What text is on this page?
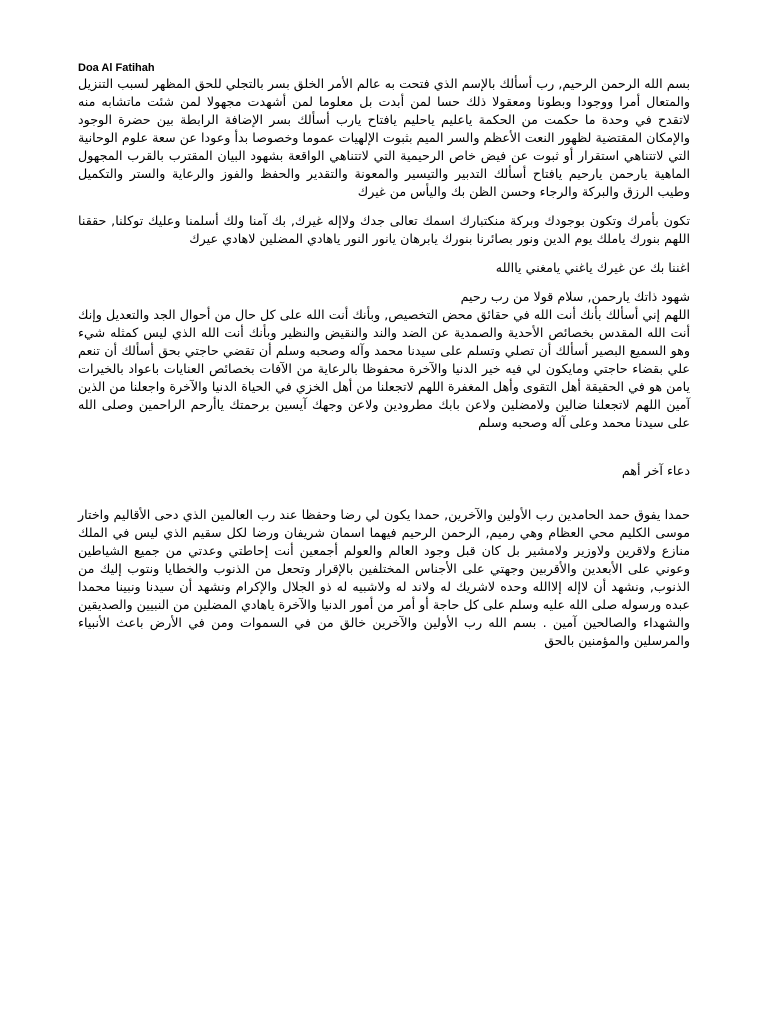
Doa Al Fatihah

بسم الله الرحمن الرحيم, رب أسألك بالإسم الذي فتحت به عالم الأمر الخلق بسر بالتجلي للحق المظهر لسبب التنزيل والمتعال أمرا ووجودا وبطونا ومعقولا ذلك حسا لمن أبدت بل معلوما لمن أشهدت مجهولا لمن شئت ماتشابه منه لاتقدح في وحدة ما حكمت من الحكمة ياعليم ياحليم يافتاح يارب أسألك بسر الإضافة الرابطة بين حضرة الوجود والإمكان المقتضية لظهور النعت الأعظم والسر الميم بثبوت الإلهيات عموما وخصوصا بدأ وعودا عن سعة علوم الوحانية التي لاتتناهي استقرار أو ثبوت عن فيض خاص الرحيمية التي لاتتناهي الواقعة بشهود البيان المقترب بالقرب المجهول الماهية يارحمن يارحيم يافتاح أسألك التدبير والتيسير والمعونة والتقدير والحفظ والفوز والرعاية والستر والتكميل وطيب الرزق والبركة والرجاء وحسن الظن بك واليأس من غيرك

تكون بأمرك وتكون بوجودك وبركة منكتبارك اسمك تعالى جدك ولاإله غيرك, بك آمنا ولك أسلمنا وعليك توكلنا, حققنا اللهم بنورك ياملك يوم الدين ونور بصائرنا بنورك يابرهان يانور النور ياهادي المضلين لاهادي عيرك

اغننا بك عن غيرك ياغني يامغني ياالله

شهود ذاتك يارحمن, سلام قولا من رب رحيم

اللهم إني أسألك بأنك أنت الله في حقائق محض التخصيص, وبأنك أنت الله على كل حال من أحوال الجد والتعديل وإنك أنت الله المقدس بخصائص الأحدية والصمدية عن الضد والند والنقيض والنظير وبأنك أنت الله الذي ليس كمثله شيء وهو السميع البصير أسألك أن تصلي وتسلم على سيدنا محمد وآله وصحبه وسلم أن تقضي حاجتي بحق أسألك أن تنعم علي بقضاء حاجتي ومايكون لي فيه خير الدنيا والآخرة محفوظا بالرعاية من الآفات بخصائص العنايات باعواد بالخيرات يامن هو في الحقيقة أهل التقوى وأهل المغفرة اللهم لاتجعلنا من أهل الخزي في الحياة الدنيا والآخرة واجعلنا من الذين آمين اللهم لاتجعلنا ضالين ولامضلين ولاعن بابك مطرودين ولاعن وجهك آيسين برحمتك ياأرحم الراحمين وصلى الله على سيدنا محمد وعلى آله وصحبه وسلم

دعاء آخر أهم

حمدا يفوق حمد الحامدين رب الأولين والآخرين, حمدا يكون لي رضا وحفظا عند رب العالمين الذي دحى الأقاليم واختار موسى الكليم محي العظام وهي رميم, الرحمن الرحيم فيهما اسمان شريفان ورضا لكل سقيم الذي ليس في الملك منازع ولاقرين ولاوزير ولامشير بل كان قبل وجود العالم والعولم أجمعين أنت إحاطتي وعدتي من جميع الشياطين وعوني على الأبعدين والأقربين وجهتي على الأجناس المختلفين بالإقرار وتحعل من الذنوب والخطايا ونتوب إليك من الذنوب, ونشهد أن لاإله إلاالله وحده لاشريك له ولاند له ولاشبيه له ذو الجلال والإكرام ونشهد أن سيدنا ونبينا محمدا عبده ورسوله صلى الله عليه وسلم على كل حاجة أو أمر من أمور الدنيا والآخرة ياهادي المضلين من النبيين والصديقين والشهداء والصالحين آمين . بسم الله رب الأولين والآخرين خالق من في السموات ومن في الأرض باعث الأنبياء والمرسلين والمؤمنين بالحق
